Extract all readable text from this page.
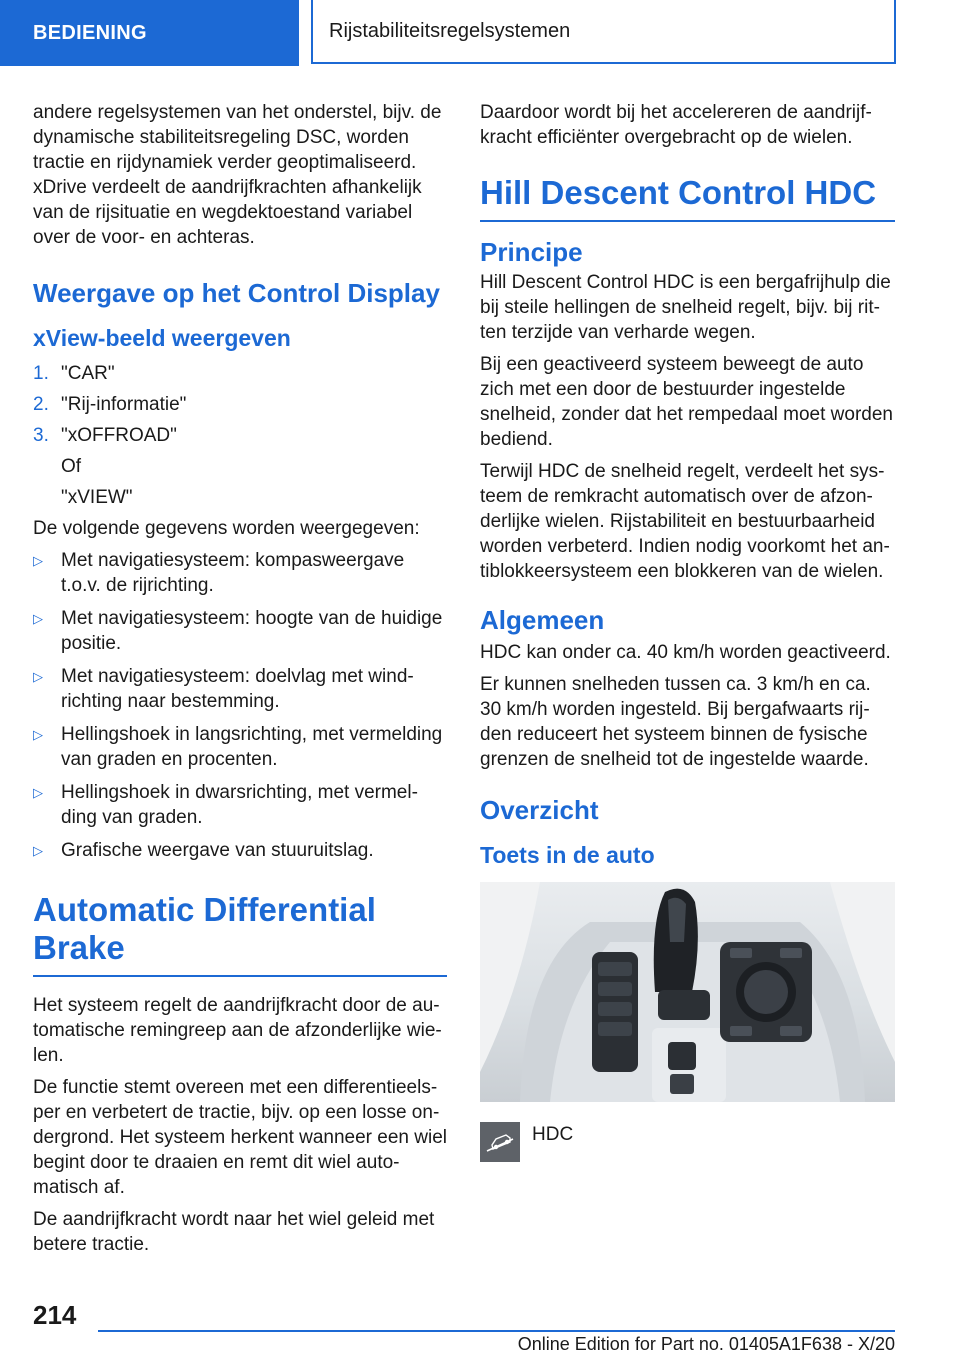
BEDIENING	Rijstabiliteitsregelsystemen

andere regelsystemen van het onderstel, bijv. de dynamische stabiliteitsregeling DSC, worden tractie en rijdynamiek verder geoptimaliseerd. xDrive verdeelt de aandrijfkrachten afhankelijk van de rijsituatie en wegdektoestand variabel over de voor- en achteras.

Weergave op het Control Display
xView-beeld weergeven
1. "CAR"
2. "Rij-informatie"
3. "xOFFROAD"
Of
"xVIEW"

De volgende gegevens worden weergegeven:

▷ Met navigatiesysteem: kompasweergave t.o.v. de rijrichting.
▷ Met navigatiesysteem: hoogte van de huidige positie.
▷ Met navigatiesysteem: doelvlag met windrichting naar bestemming.
▷ Hellingshoek in langsrichting, met vermelding van graden en procenten.
▷ Hellingshoek in dwarsrichting, met vermelding van graden.
▷ Grafische weergave van stuuruitslag.
Automatic Differential Brake

Het systeem regelt de aandrijfkracht door de automatische remingreep aan de afzonderlijke wielen.

De functie stemt overeen met een differentieelsper en verbetert de tractie, bijv. op een losse ondergrond. Het systeem herkent wanneer een wiel begint door te draaien en remt dit wiel automatisch af.

De aandrijfkracht wordt naar het wiel geleid met betere tractie.

Daardoor wordt bij het accelereren de aandrijfkracht efficiënter overgebracht op de wielen.

Hill Descent Control HDC
Principe

Hill Descent Control HDC is een bergafrijhulp die bij steile hellingen de snelheid regelt, bijv. bij ritten terzijde van verharde wegen.

Bij een geactiveerd systeem beweegt de auto zich met een door de bestuurder ingestelde snelheid, zonder dat het rempedaal moet worden bediend.

Terwijl HDC de snelheid regelt, verdeelt het systeem de remkracht automatisch over de afzonderlijke wielen. Rijstabiliteit en bestuurbaarheid worden verbeterd. Indien nodig voorkomt het antiblokkeersysteem een blokkeren van de wielen.

Algemeen

HDC kan onder ca. 40 km/h worden geactiveerd.

Er kunnen snelheden tussen ca. 3 km/h en ca. 30 km/h worden ingesteld. Bij bergafwaarts rijden reduceert het systeem binnen de fysische grenzen de snelheid tot de ingestelde waarde.

Overzicht
Toets in de auto
HDC
214
Online Edition for Part no. 01405A1F638 - X/20
